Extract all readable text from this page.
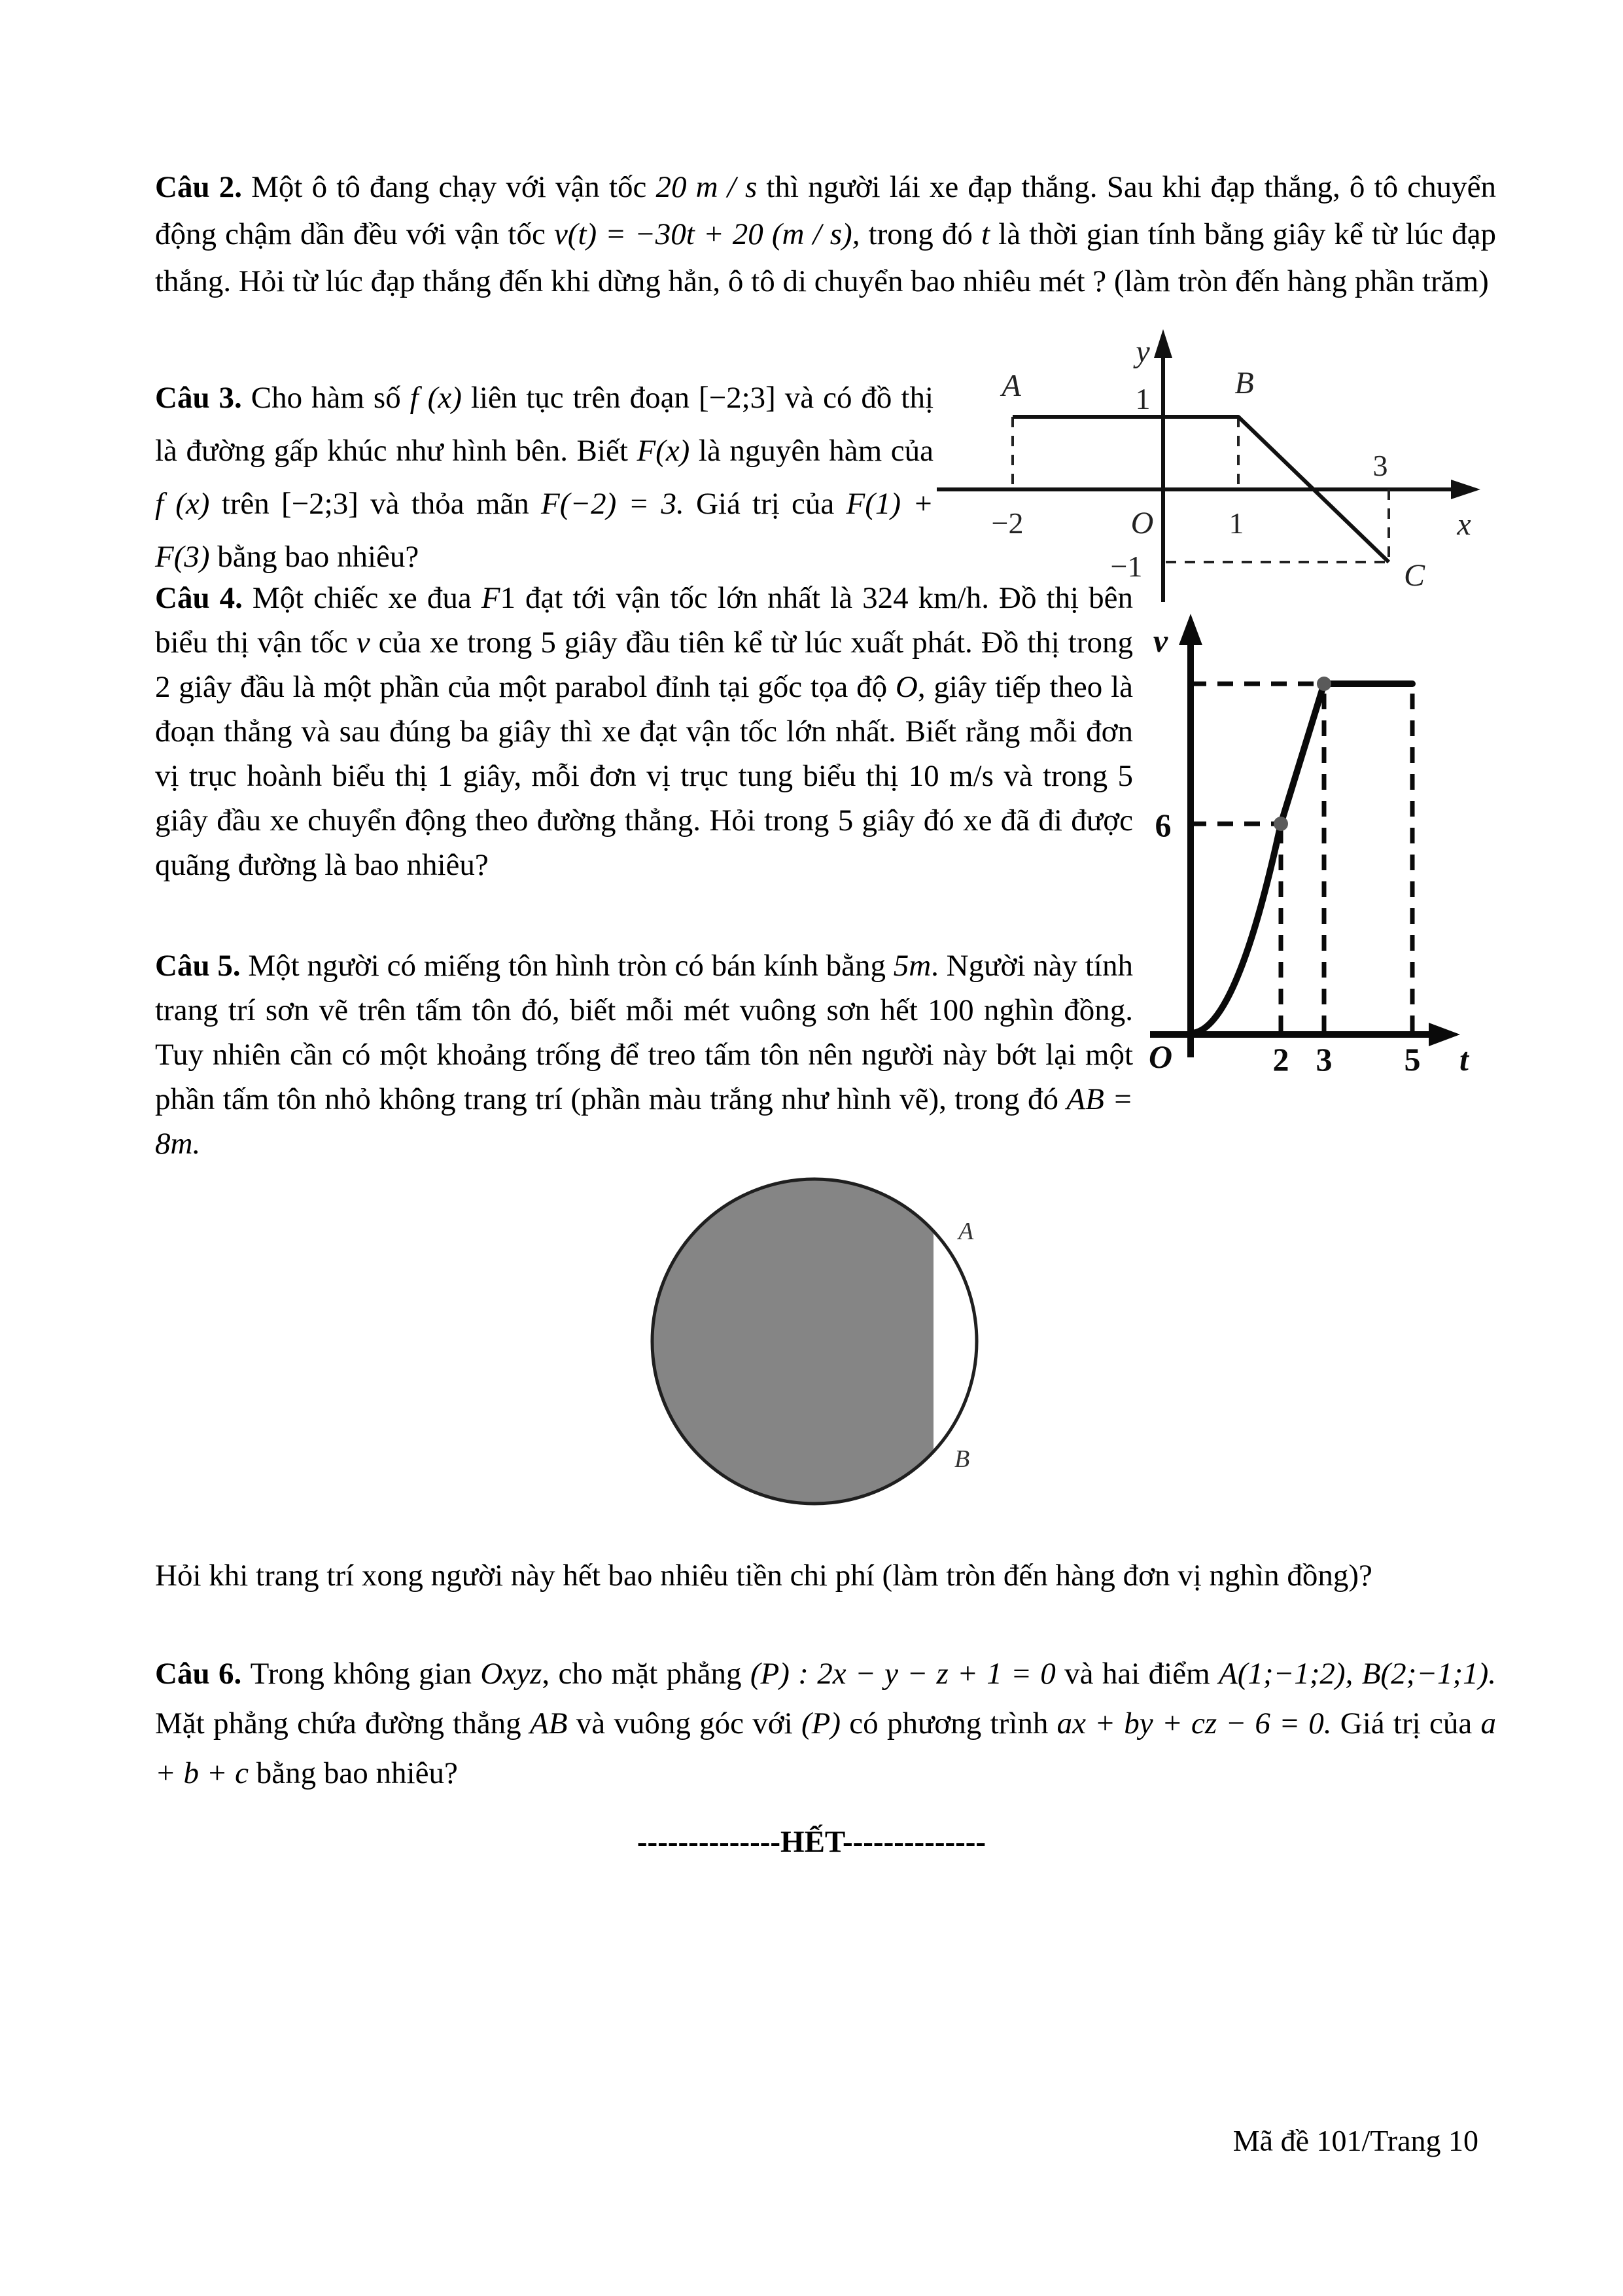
Câu 2. Một ô tô đang chạy với vận tốc 20 m / s thì người lái xe đạp thắng. Sau khi đạp thắng, ô tô chuyển động chậm dần đều với vận tốc v(t) = −30t + 20 (m / s), trong đó t là thời gian tính bằng giây kể từ lúc đạp thắng. Hỏi từ lúc đạp thắng đến khi dừng hẳn, ô tô di chuyển bao nhiêu mét ? (làm tròn đến hàng phần trăm)

Câu 3. Cho hàm số f (x) liên tục trên đoạn [−2;3] và có đồ thị là đường gấp khúc như hình bên. Biết F(x) là nguyên hàm của f (x) trên [−2;3] và thỏa mãn F(−2) = 3. Giá trị của F(1) + F(3) bằng bao nhiêu?

y
1
A	B
3
x
O
−2	1
−1	C

Câu 4. Một chiếc xe đua F1 đạt tới vận tốc lớn nhất là 324 km/h. Đồ thị bên biểu thị vận tốc v của xe trong 5 giây đầu tiên kể từ lúc xuất phát. Đồ thị trong 2 giây đầu là một phần của một parabol đỉnh tại gốc tọa độ O, giây tiếp theo là đoạn thẳng và sau đúng ba giây thì xe đạt vận tốc lớn nhất. Biết rằng mỗi đơn vị trục hoành biểu thị 1 giây, mỗi đơn vị trục tung biểu thị 10 m/s và trong 5 giây đầu xe chuyển động theo đường thẳng. Hỏi trong 5 giây đó xe đã đi được quãng đường là bao nhiêu?

v
6
O	2 3 5 t

Câu 5. Một người có miếng tôn hình tròn có bán kính bằng 5m. Người này tính trang trí sơn vẽ trên tấm tôn đó, biết mỗi mét vuông sơn hết 100 nghìn đồng. Tuy nhiên cần có một khoảng trống để treo tấm tôn nên người này bớt lại một phần tấm tôn nhỏ không trang trí (phần màu trắng như hình vẽ), trong đó AB = 8m.

A
B

Hỏi khi trang trí xong người này hết bao nhiêu tiền chi phí (làm tròn đến hàng đơn vị nghìn đồng)?

Câu 6. Trong không gian Oxyz, cho mặt phẳng (P) : 2x − y − z + 1 = 0 và hai điểm A(1;−1;2), B(2;−1;1). Mặt phẳng chứa đường thẳng AB và vuông góc với (P) có phương trình ax + by + cz − 6 = 0. Giá trị của a + b + c bằng bao nhiêu?

--------------HẾT--------------

Mã đề 101/Trang 10
